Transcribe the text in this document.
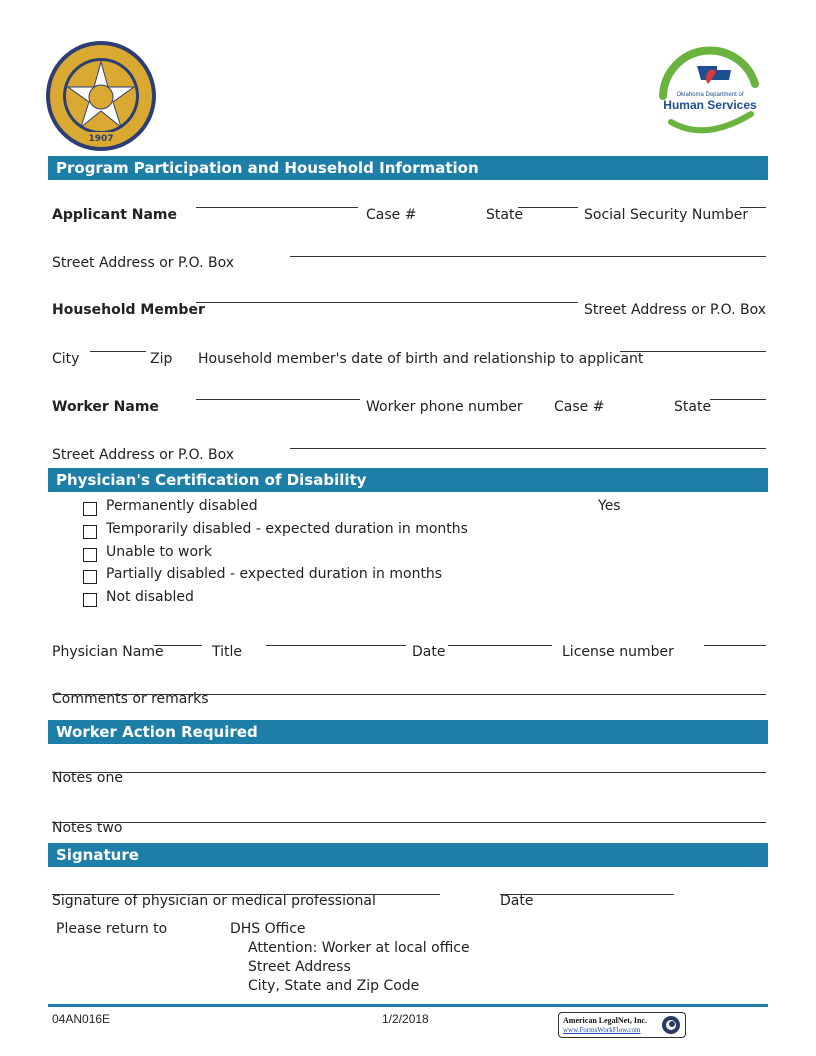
1907
Oklahoma Department of
Human Services
Program Participation and Household Information
Applicant Name	Case #	State	Social Security Number
Street Address or P.O. Box
Household Member	Street Address or P.O. Box
City	Zip Household member's date of birth and relationship to applicant
Worker Name	Worker phone number Case #	State
Street Address or P.O. Box
Physician's Certification of Disability
Permanently disabled	Yes
Temporarily disabled - expected duration in months
Unable to work
Partially disabled - expected duration in months
Not disabled
Physician Name	Title	Date	License number
Comments or remarks
Worker Action Required
Notes one
Notes two
Signature
Signature of physician or medical professional	Date
Please return to	DHS Office
Attention: Worker at local office
Street Address
City, State and Zip Code
04AN016E	1/2/2018	American LegalNet, Inc.
www.FormsWorkFlow.com
